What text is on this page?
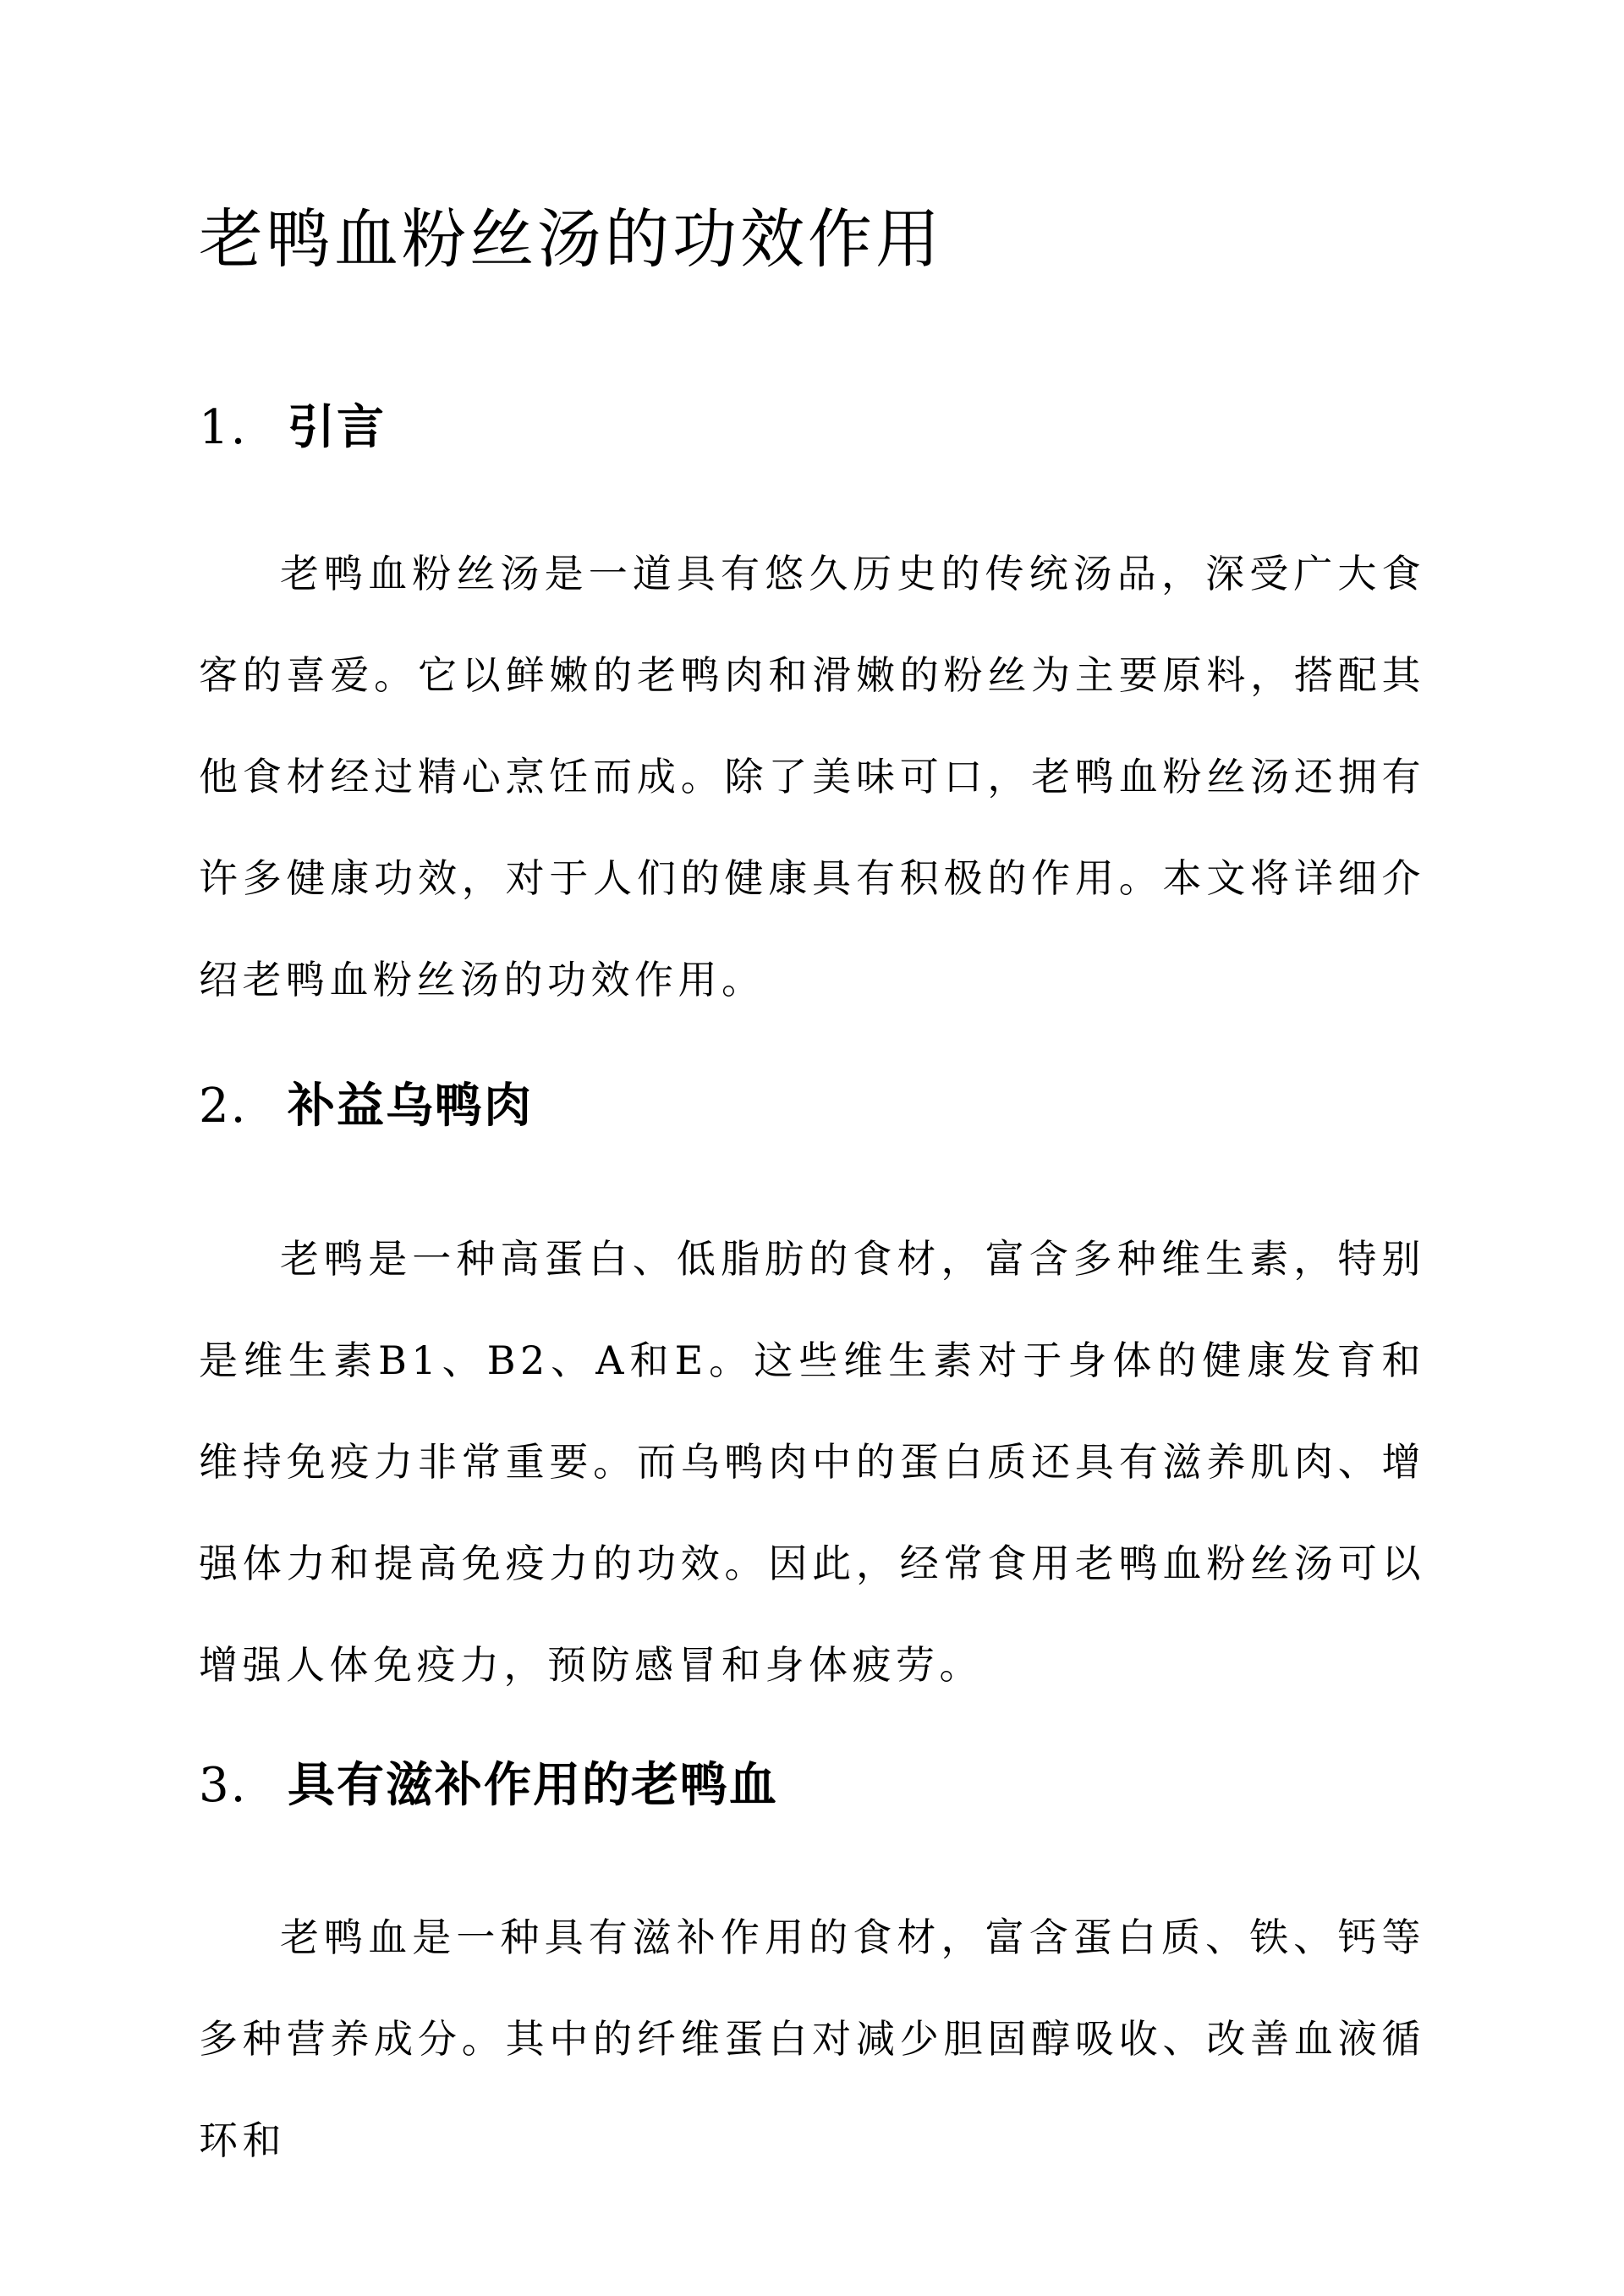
老鸭血粉丝汤的功效作用
1. 引言

老鸭血粉丝汤是一道具有悠久历史的传统汤品，深受广大食客的喜爱。它以鲜嫩的老鸭肉和滑嫩的粉丝为主要原料，搭配其他食材经过精心烹饪而成。除了美味可口，老鸭血粉丝汤还拥有许多健康功效，对于人们的健康具有积极的作用。本文将详细介绍老鸭血粉丝汤的功效作用。

2. 补益乌鸭肉

老鸭是一种高蛋白、低脂肪的食材，富含多种维生素，特别是维生素B1、B2、A和E。这些维生素对于身体的健康发育和维持免疫力非常重要。而乌鸭肉中的蛋白质还具有滋养肌肉、增强体力和提高免疫力的功效。因此，经常食用老鸭血粉丝汤可以增强人体免疫力，预防感冒和身体疲劳。

3. 具有滋补作用的老鸭血

老鸭血是一种具有滋补作用的食材，富含蛋白质、铁、钙等多种营养成分。其中的纤维蛋白对减少胆固醇吸收、改善血液循环和
